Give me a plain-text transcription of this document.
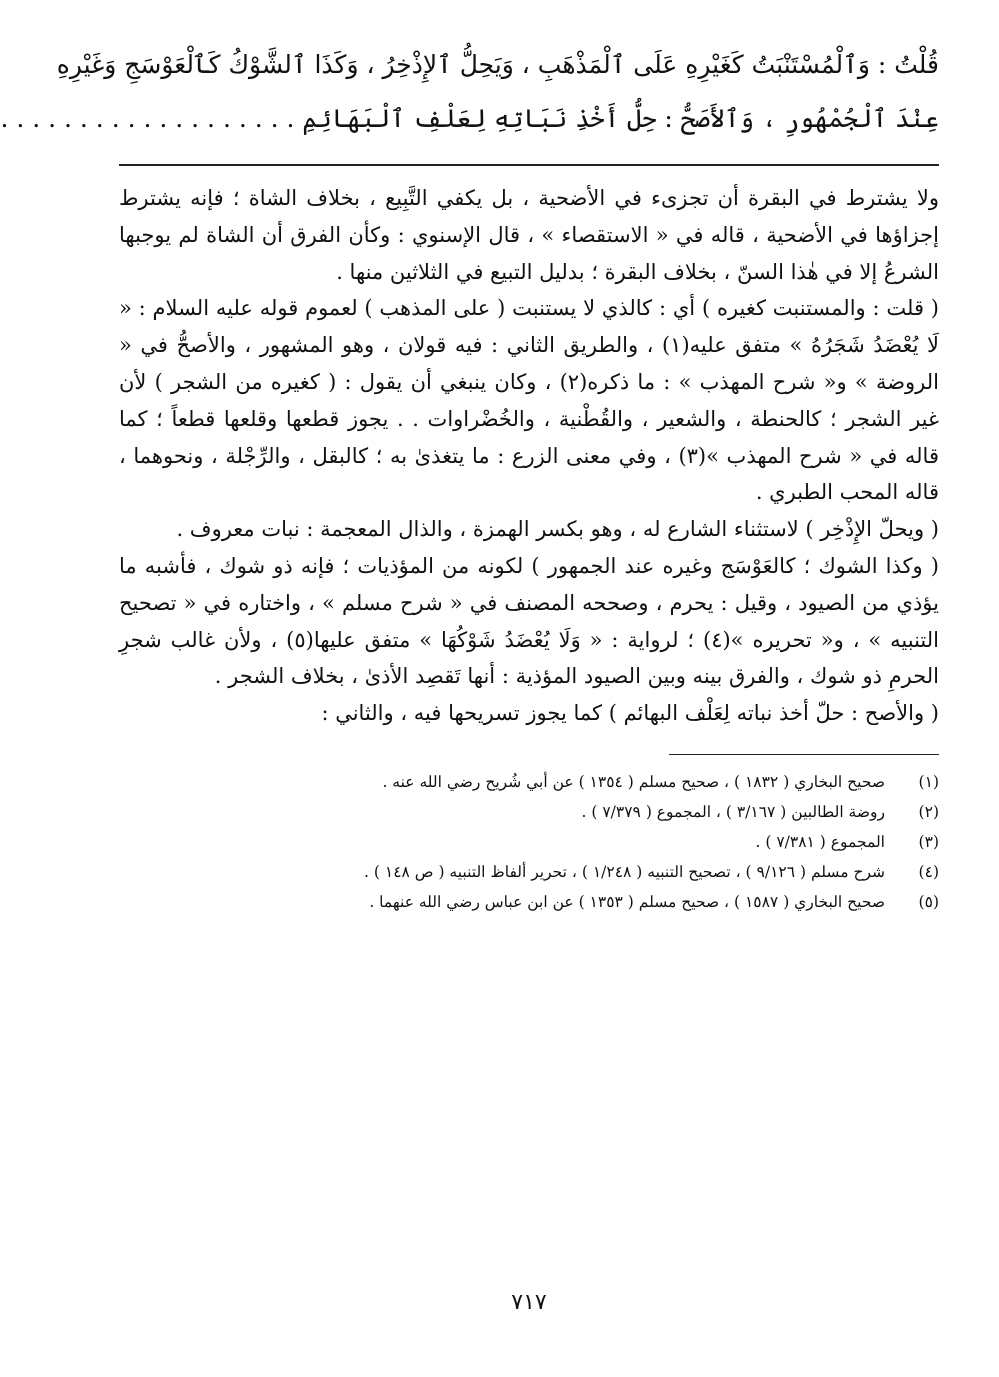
قُلْتُ : وَٱلْمُسْتَنْبَتُ كَغَيْرِهِ عَلَى ٱلْمَذْهَبِ ، وَيَحِلُّ ٱلإِذْخِرُ ، وَكَذَا ٱلشَّوْكُ كَٱلْعَوْسَجِ وَغَيْرِهِ
عِنْدَ ٱلْجُمْهُورِ ، وَٱلأَصَحُّ : حِلُّ أَخْذِ نَبَاتِهِ لِعَلْفِ ٱلْبَهَائِمِ . . . . . . . . . . . . . . . . . . .

ولا يشترط في البقرة أن تجزىء في الأضحية ، بل يكفي التَّبِيع ، بخلاف الشاة ؛ فإنه يشترط إجزاؤها في الأضحية ، قاله في « الاستقصاء » ، قال الإسنوي : وكأن الفرق أن الشاة لم يوجبها الشرعُ إلا في هٰذا السنّ ، بخلاف البقرة ؛ بدليل التبيع في الثلاثين منها .

( قلت : والمستنبت كغيره ) أي : كالذي لا يستنبت ( على المذهب ) لعموم قوله عليه السلام : « لَا يُعْضَدُ شَجَرُهُ » متفق عليه(١) ، والطريق الثاني : فيه قولان ، وهو المشهور ، والأصحُّ في « الروضة » و« شرح المهذب » : ما ذكره(٢) ، وكان ينبغي أن يقول : ( كغيره من الشجر ) لأن غير الشجر ؛ كالحنطة ، والشعير ، والقُطْنية ، والخُضْراوات . . يجوز قطعها وقلعها قطعاً ؛ كما قاله في « شرح المهذب »(٣) ، وفي معنى الزرع : ما يتغذىٰ به ؛ كالبقل ، والرِّجْلة ، ونحوهما ، قاله المحب الطبري .

( ويحلّ الإِذْخِر ) لاستثناء الشارع له ، وهو بكسر الهمزة ، والذال المعجمة : نبات معروف .

( وكذا الشوك ؛ كالعَوْسَج وغيره عند الجمهور ) لكونه من المؤذيات ؛ فإنه ذو شوك ، فأشبه ما يؤذي من الصيود ، وقيل : يحرم ، وصححه المصنف في « شرح مسلم » ، واختاره في « تصحيح التنبيه » ، و« تحريره »(٤) ؛ لرواية : « وَلَا يُعْضَدُ شَوْكُهَا » متفق عليها(٥) ، ولأن غالب شجرِ الحرمِ ذو شوك ، والفرق بينه وبين الصيود المؤذية : أنها تَقصِد الأذىٰ ، بخلاف الشجر .

( والأصح : حلّ أخذ نباته لِعَلْف البهائم ) كما يجوز تسريحها فيه ، والثاني :

(١)
صحيح البخاري ( ١٨٣٢ ) ، صحيح مسلم ( ١٣٥٤ ) عن أبي شُريح رضي الله عنه .
(٢)
روضة الطالبين ( ٣/١٦٧ ) ، المجموع ( ٧/٣٧٩ ) .
(٣)
المجموع ( ٧/٣٨١ ) .
(٤)
شرح مسلم ( ٩/١٢٦ ) ، تصحيح التنبيه ( ١/٢٤٨ ) ، تحرير ألفاظ التنبيه ( ص ١٤٨ ) .
(٥)
صحيح البخاري ( ١٥٨٧ ) ، صحيح مسلم ( ١٣٥٣ ) عن ابن عباس رضي الله عنهما .
٧١٧
